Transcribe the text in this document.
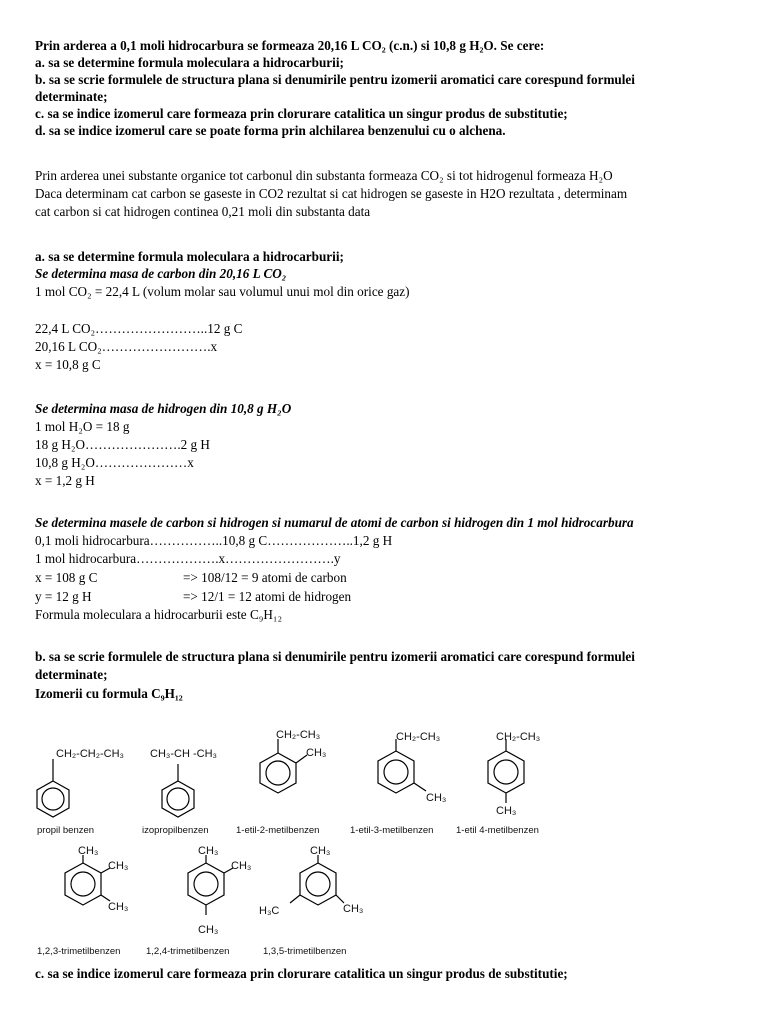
Prin arderea a 0,1 moli hidrocarbura se formeaza 20,16 L CO₂ (c.n.) si 10,8 g H₂O. Se cere:
a. sa se determine formula moleculara a hidrocarburii;
b. sa se scrie formulele de structura plana si denumirile pentru izomerii aromatici care corespund formulei
determinate;
c. sa se indice izomerul care formeaza prin clorurare catalitica un singur produs de substitutie;
d. sa se indice izomerul care se poate forma prin alchilarea benzenului cu o alchena.
Prin arderea unei substante organice tot carbonul din substanta formeaza CO₂ si tot hidrogenul formeaza H₂O
Daca determinam cat carbon se gaseste in CO2 rezultat si cat hidrogen se gaseste in H2O rezultata , determinam
cat carbon si cat hidrogen continea 0,21 moli din substanta data
a. sa se determine formula moleculara a hidrocarburii;
Se determina masa de carbon din 20,16 L CO₂
1 mol CO₂ = 22,4 L (volum molar sau volumul unui mol din orice gaz)
22,4 L CO₂……………………..12 g C
20,16 L CO₂…………………….x
x = 10,8 g C
Se determina masa de hidrogen din 10,8 g H₂O
1 mol H₂O = 18 g
18 g H₂O………………….2 g H
10,8 g H₂O…………………x
x = 1,2 g H
Se determina masele de carbon si hidrogen si numarul de atomi de carbon si hidrogen din 1 mol hidrocarbura
0,1 moli hidrocarbura……………..10,8 g C………………..1,2 g H
1 mol hidrocarbura……………….x…………………….y
x = 108 g C	=> 108/12 = 9 atomi de carbon
y = 12 g H	=> 12/1 = 12 atomi de hidrogen
Formula moleculara a hidrocarburii este C₉H₁₂
b. sa se scrie formulele de structura plana si denumirile pentru izomerii aromatici care corespund formulei
determinate;
Izomerii cu formula C₉H₁₂
CH₂-CH₂-CH₃ CH₃-CH -CH₃
CH₂-CH₃
CH₃
CH₂-CH₃
CH₃
CH₂-CH₃
CH₃
CH₃
CH₃
CH₃
CH₃
CH₃
CH₃
CH₃
CH₃
H₃C
propil benzen	izopropilbenzen	1-etil-2-metilbenzen	1-etil-3-metilbenzen 1-etil 4-metilbenzen
1,2,3-trimetilbenzen	1,2,4-trimetilbenzen	1,3,5-trimetilbenzen
c. sa se indice izomerul care formeaza prin clorurare catalitica un singur produs de substitutie;
